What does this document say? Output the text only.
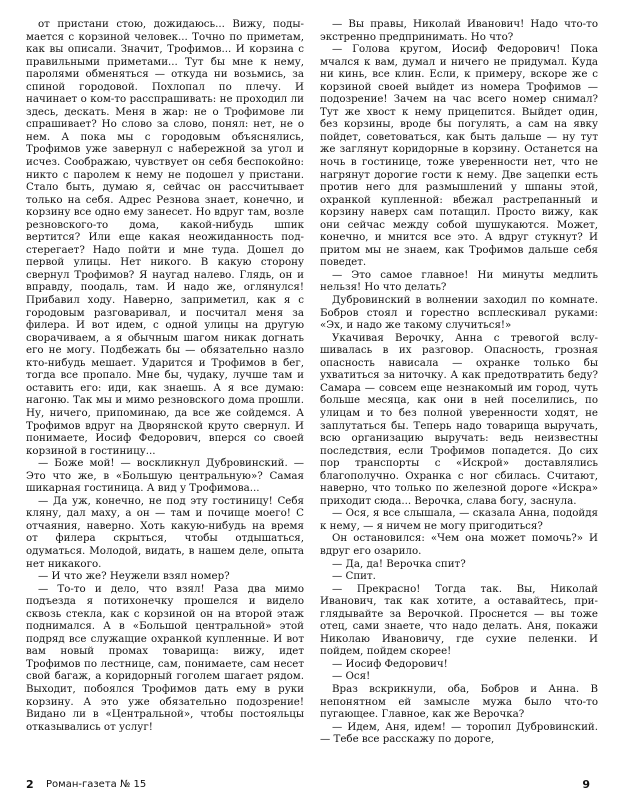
от пристани стою, дожидаюсь... Вижу, подымается с корзиной человек... Точно по приметам, как вы описали. Значит, Трофимов... И корзина с правильными приметами... Тут бы мне к нему, паролями обменяться — откуда ни возьмись, за спиной городовой. Похлопал по плечу. И начинает о ком-то расспрашивать: не проходил ли здесь, дескать. Меня в жар: не о Трофимове ли спрашивает? Но слово за слово, понял: нет, не о нем. А пока мы с городовым объяснялись, Трофимов уже завернул с набережной за угол и исчез. Соображаю, чувствует он себя беспокойно: никто с паролем к нему не подошел у пристани. Стало быть, думаю я, сейчас он рассчитывает только на себя. Адрес Резнова знает, конечно, и корзину все одно ему занесет. Но вдруг там, возле резновского-то дома, какой-нибудь шпик вертится? Или еще какая неожиданность подстерегает? Надо пойти и мне туда. Дошел до первой улицы. Нет никого. В какую сторону свернул Трофимов? Я наугад налево. Глядь, он и вправду, поодаль, там. И надо же, оглянулся! Прибавил ходу. Наверно, заприметил, как я с городовым разговаривал, и посчитал меня за филера. И вот идем, с одной улицы на другую сворачиваем, а я обычным шагом никак догнать его не могу. Подбежать бы — обязательно назло кто-нибудь мешает. Ударится и Трофимов в бег, тогда все пропало. Мне бы, чудаку, лучше там и оставить его: иди, как знаешь. А я все думаю: нагоню. Так мы и мимо резновского дома прошли. Ну, ничего, припоминаю, да все же сойдемся. А Трофимов вдруг на Дворянской круто свернул. И понимаете, Иосиф Федорович, вперся со своей корзиной в гостиницу...

— Боже мой! — воскликнул Дубровинский. — Это что же, в «Большую центральную»? Самая шикарная гостиница. А вид у Трофимова...

— Да уж, конечно, не под эту гостиницу! Себя кляну, дал маху, а он — там и почище моего! С отчаяния, наверно. Хоть какую-нибудь на время от филера скрыться, чтобы отдышаться, одуматься. Молодой, видать, в нашем деле, опыта нет никакого.

— И что же? Неужели взял номер?

— То-то и дело, что взял! Раза два мимо подъезда я потихонечку прошелся и видело сквозь стекла, как с корзиной он на второй этаж поднимался. А в «Большой центральной» этой подряд все служащие охранкой купленные. И вот вам новый промах товарища: вижу, идет Трофимов по лестнице, сам, понимаете, сам несет свой багаж, а коридорный гоголем шагает рядом. Выходит, побоялся Трофимов дать ему в руки корзину. А это уже обязательно подозрение! Видано ли в «Центральной», чтобы постояльцы отказывались от услуг!

— Вы правы, Николай Иванович! Надо что-то экстренно предпринимать. Но что?

— Голова кругом, Иосиф Федорович! Пока мчался к вам, думал и ничего не придумал. Куда ни кинь, все клин. Если, к примеру, вскоре же с корзиной своей выйдет из номера Трофимов — подозрение! Зачем на час всего номер снимал? Тут же хвост к нему прицепится. Выйдет один, без корзины, вроде бы погулять, а сам на явку пойдет, советоваться, как быть дальше — ну тут же заглянут коридорные в корзину. Останется на ночь в гостинице, тоже уверенности нет, что не нагрянут дорогие гости к нему. Две зацепки есть против него для размышлений у шпаны этой, охранкой купленной: вбежал растрепанный и корзину наверх сам потащил. Просто вижу, как они сейчас между собой шушукаются. Может, конечно, и мнится все это. А вдруг стукнут? И притом мы не знаем, как Трофимов дальше себя поведет.

— Это самое главное! Ни минуты медлить нельзя! Но что делать?

Дубровинский в волнении заходил по комнате. Бобров стоял и горестно всплескивал руками: «Эх, и надо же такому случиться!»

Укачивая Верочку, Анна с тревогой вслушивалась в их разговор. Опасность, грозная опасность нависала — охранке только бы ухватиться за ниточку. А как предотвратить беду? Самара — совсем еще незнакомый им город, чуть больше месяца, как они в ней поселились, по улицам и то без полной уверенности ходят, не заплутаться бы. Теперь надо товарища выручать, всю организацию выручать: ведь неизвестны последствия, если Трофимов попадется. До сих пор транспорты с «Искрой» доставлялись благополучно. Охранка с ног сбилась. Считают, наверно, что только по железной дороге «Искра» приходит сюда... Верочка, слава богу, заснула.

— Ося, я все слышала, — сказала Анна, подойдя к нему, — я ничем не могу пригодиться?

Он остановился: «Чем она может помочь?» И вдруг его озарило.

— Да, да! Верочка спит?

— Спит.

— Прекрасно! Тогда так. Вы, Николай Иванович, так как хотите, а оставайтесь, приглядывайте за Верочкой. Проснется — вы тоже отец, сами знаете, что надо делать. Аня, покажи Николаю Ивановичу, где сухие пеленки. И пойдем, пойдем скорее!

— Иосиф Федорович!

— Ося!

Враз вскрикнули, оба, Бобров и Анна. В непонятном ей замысле мужа было что-то пугающее. Главное, как же Верочка?

— Идем, Аня, идем! — торопил Дубровинский. — Тебе все расскажу по дороге,

2 Роман-газета № 15	9
